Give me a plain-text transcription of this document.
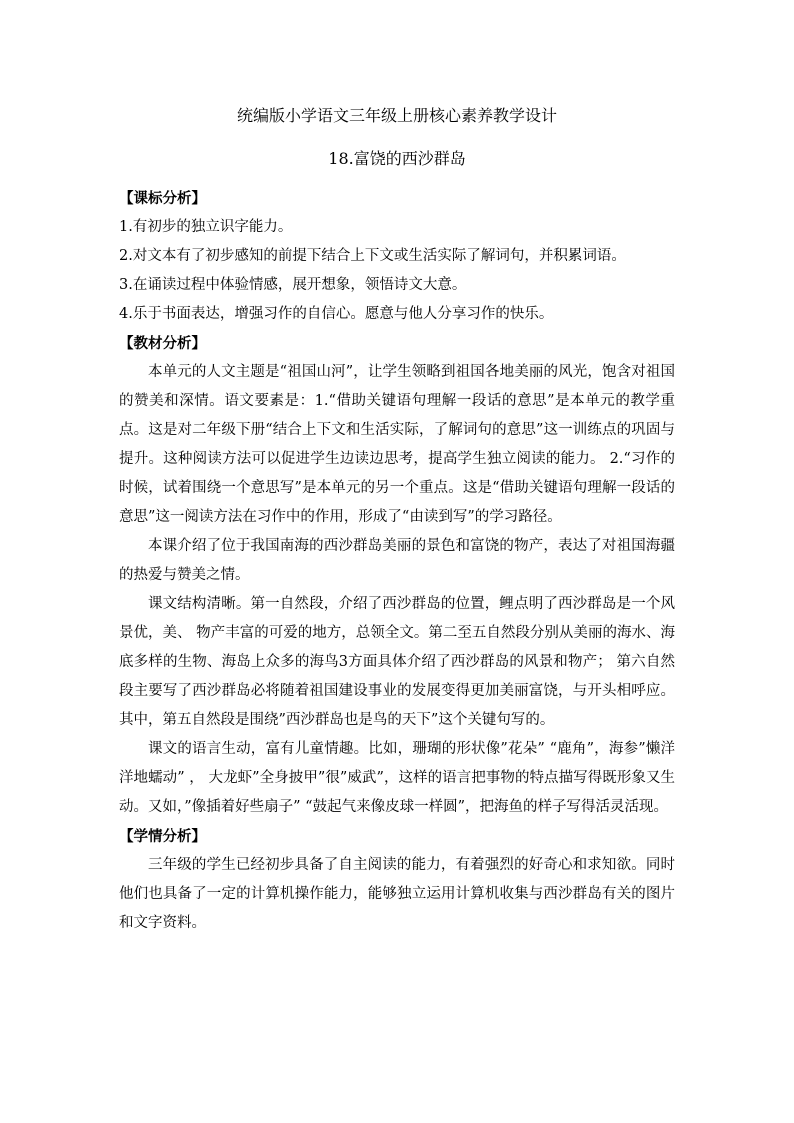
统编版小学语文三年级上册核心素养教学设计
18.富饶的西沙群岛
【课标分析】
1.有初步的独立识字能力。
2.对文本有了初步感知的前提下结合上下文或生活实际了解词句，并积累词语。
3.在诵读过程中体验情感，展开想象，领悟诗文大意。
4.乐于书面表达，增强习作的自信心。愿意与他人分享习作的快乐。
【教材分析】
本单元的人文主题是“祖国山河”，让学生领略到祖国各地美丽的风光，饱含对祖国的赞美和深情。语文要素是：1.“借助关键语句理解一段话的意思”是本单元的教学重点。这是对二年级下册“结合上下文和生活实际，了解词句的意思”这一训练点的巩固与提升。这种阅读方法可以促进学生边读边思考，提高学生独立阅读的能力。 2.“习作的时候，试着围绕一个意思写”是本单元的另一个重点。这是“借助关键语句理解一段话的意思”这一阅读方法在习作中的作用，形成了“由读到写”的学习路径。
本课介绍了位于我国南海的西沙群岛美丽的景色和富饶的物产，表达了对祖国海疆的热爱与赞美之情。
课文结构清晰。第一自然段，介绍了西沙群岛的位置，鲤点明了西沙群岛是一个风景优，美、 物产丰富的可爱的地方，总领全文。第二至五自然段分别从美丽的海水、海底多样的生物、海岛上众多的海鸟3方面具体介绍了西沙群岛的风景和物产； 第六自然段主要写了西沙群岛必将随着祖国建设事业的发展变得更加美丽富饶，与开头相呼应。其中，第五自然段是围绕”西沙群岛也是鸟的天下”这个关键句写的。
课文的语言生动，富有儿童情趣。比如，珊瑚的形状像”花朵” “鹿角”，海参”懒洋洋地蠕动” ， 大龙虾”全身披甲”很”威武”，这样的语言把事物的特点描写得既形象又生动。又如，”像插着好些扇子” “鼓起气来像皮球一样圆”，把海鱼的样子写得活灵活现。
【学情分析】
三年级的学生已经初步具备了自主阅读的能力，有着强烈的好奇心和求知欲。同时他们也具备了一定的计算机操作能力，能够独立运用计算机收集与西沙群岛有关的图片和文字资料。
